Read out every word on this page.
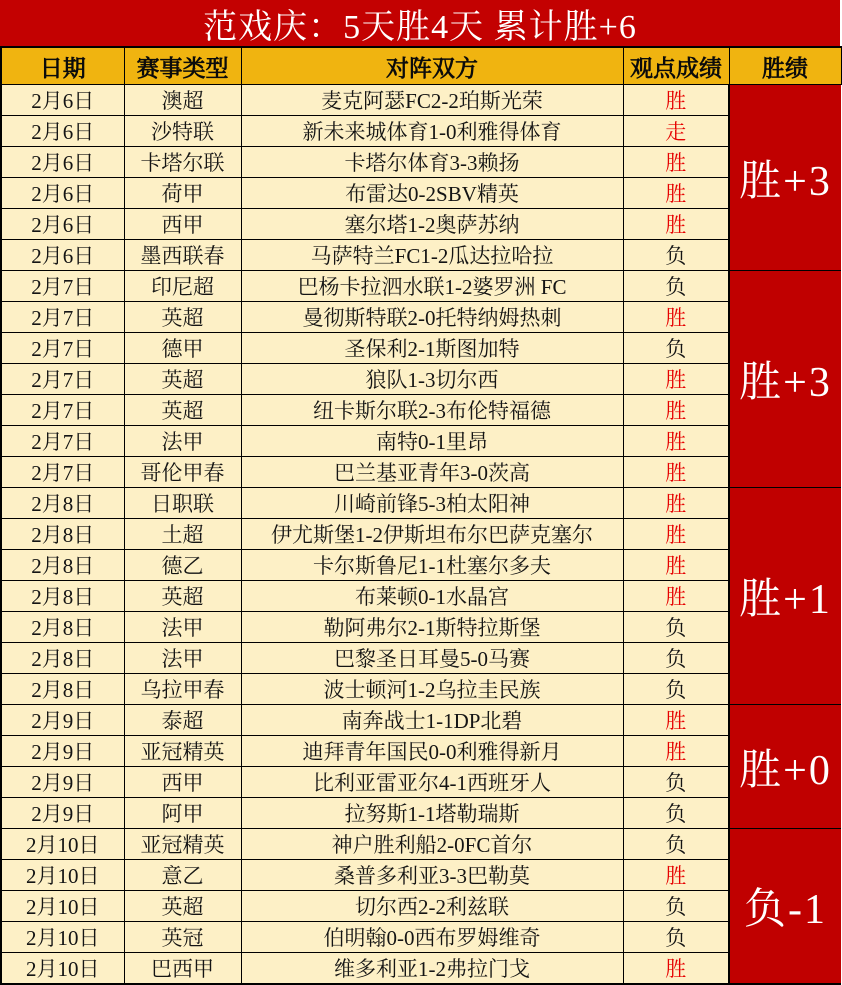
范戏庆：5天胜4天 累计胜+6
日期	赛事类型	对阵双方	观点成绩	胜绩
2月6日	澳超	麦克阿瑟FC2-2珀斯光荣	胜	胜+3
2月6日	沙特联	新未来城体育1-0利雅得体育	走	
2月6日	卡塔尔联	卡塔尔体育3-3赖扬	胜	
2月6日	荷甲	布雷达0-2SBV精英	胜	
2月6日	西甲	塞尔塔1-2奥萨苏纳	胜	
2月6日	墨西联春	马萨特兰FC1-2瓜达拉哈拉	负	
2月7日	印尼超	巴杨卡拉泗水联1-2婆罗洲 FC	负	胜+3
2月7日	英超	曼彻斯特联2-0托特纳姆热刺	胜	
2月7日	德甲	圣保利2-1斯图加特	负	
2月7日	英超	狼队1-3切尔西	胜	
2月7日	英超	纽卡斯尔联2-3布伦特福德	胜	
2月7日	法甲	南特0-1里昂	胜	
2月7日	哥伦甲春	巴兰基亚青年3-0茨高	胜	
2月8日	日职联	川崎前锋5-3柏太阳神	胜	胜+1
2月8日	土超	伊尤斯堡1-2伊斯坦布尔巴萨克塞尔	胜	
2月8日	德乙	卡尔斯鲁尼1-1杜塞尔多夫	胜	
2月8日	英超	布莱顿0-1水晶宫	胜	
2月8日	法甲	勒阿弗尔2-1斯特拉斯堡	负	
2月8日	法甲	巴黎圣日耳曼5-0马赛	负	
2月8日	乌拉甲春	波士顿河1-2乌拉圭民族	负	
2月9日	泰超	南奔战士1-1DP北碧	胜	胜+0
2月9日	亚冠精英	迪拜青年国民0-0利雅得新月	胜	
2月9日	西甲	比利亚雷亚尔4-1西班牙人	负	
2月9日	阿甲	拉努斯1-1塔勒瑞斯	负	
2月10日	亚冠精英	神户胜利船2-0FC首尔	负	负-1
2月10日	意乙	桑普多利亚3-3巴勒莫	胜	
2月10日	英超	切尔西2-2利兹联	负	
2月10日	英冠	伯明翰0-0西布罗姆维奇	负	
2月10日	巴西甲	维多利亚1-2弗拉门戈	胜	
